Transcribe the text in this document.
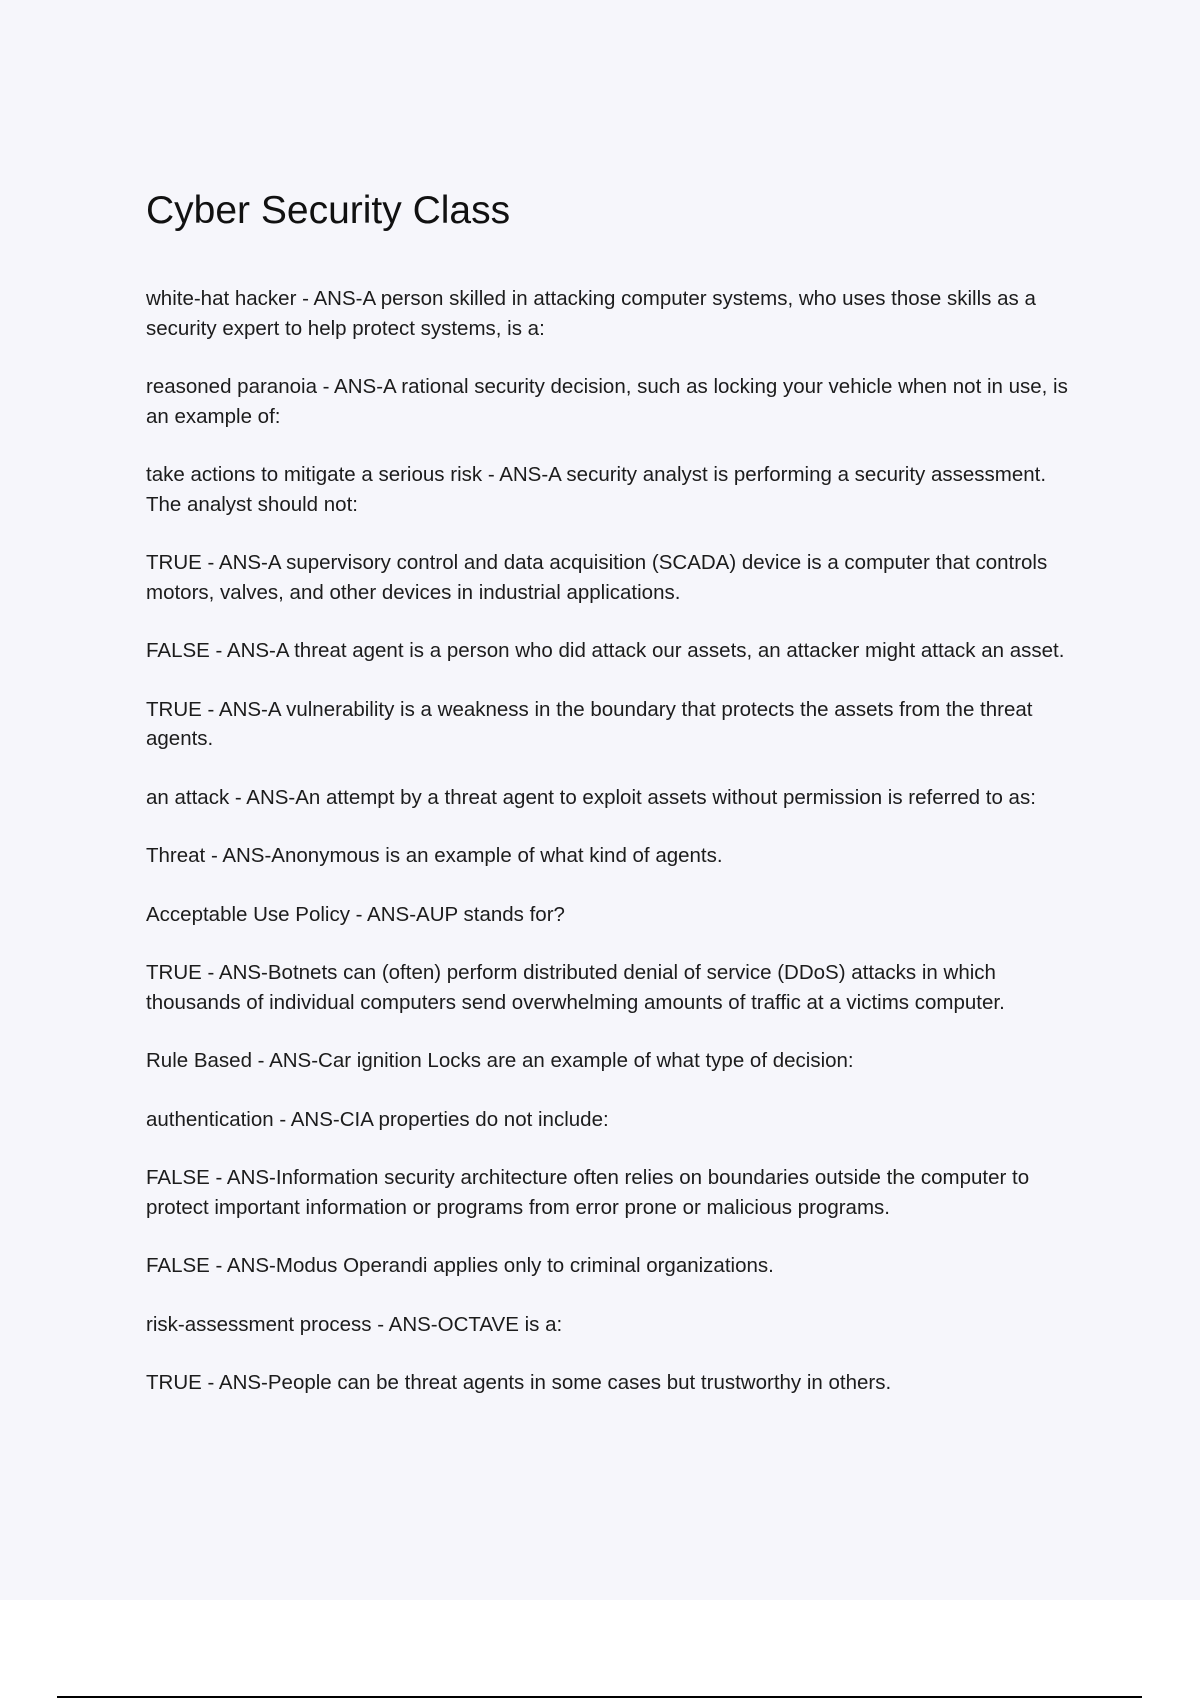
Cyber Security Class
white-hat hacker - ANS-A person skilled in attacking computer systems, who uses those skills as a security expert to help protect systems, is a:
reasoned paranoia - ANS-A rational security decision, such as locking your vehicle when not in use, is an example of:
take actions to mitigate a serious risk - ANS-A security analyst is performing a security assessment. The analyst should not:
TRUE - ANS-A supervisory control and data acquisition (SCADA) device is a computer that controls motors, valves, and other devices in industrial applications.
FALSE - ANS-A threat agent is a person who did attack our assets, an attacker might attack an asset.
TRUE - ANS-A vulnerability is a weakness in the boundary that protects the assets from the threat agents.
an attack - ANS-An attempt by a threat agent to exploit assets without permission is referred to as:
Threat - ANS-Anonymous is an example of what kind of agents.
Acceptable Use Policy - ANS-AUP stands for?
TRUE - ANS-Botnets can (often) perform distributed denial of service (DDoS) attacks in which thousands of individual computers send overwhelming amounts of traffic at a victims computer.
Rule Based - ANS-Car ignition Locks are an example of what type of decision:
authentication - ANS-CIA properties do not include:
FALSE - ANS-Information security architecture often relies on boundaries outside the computer to protect important information or programs from error prone or malicious programs.
FALSE - ANS-Modus Operandi applies only to criminal organizations.
risk-assessment process - ANS-OCTAVE is a:
TRUE - ANS-People can be threat agents in some cases but trustworthy in others.
